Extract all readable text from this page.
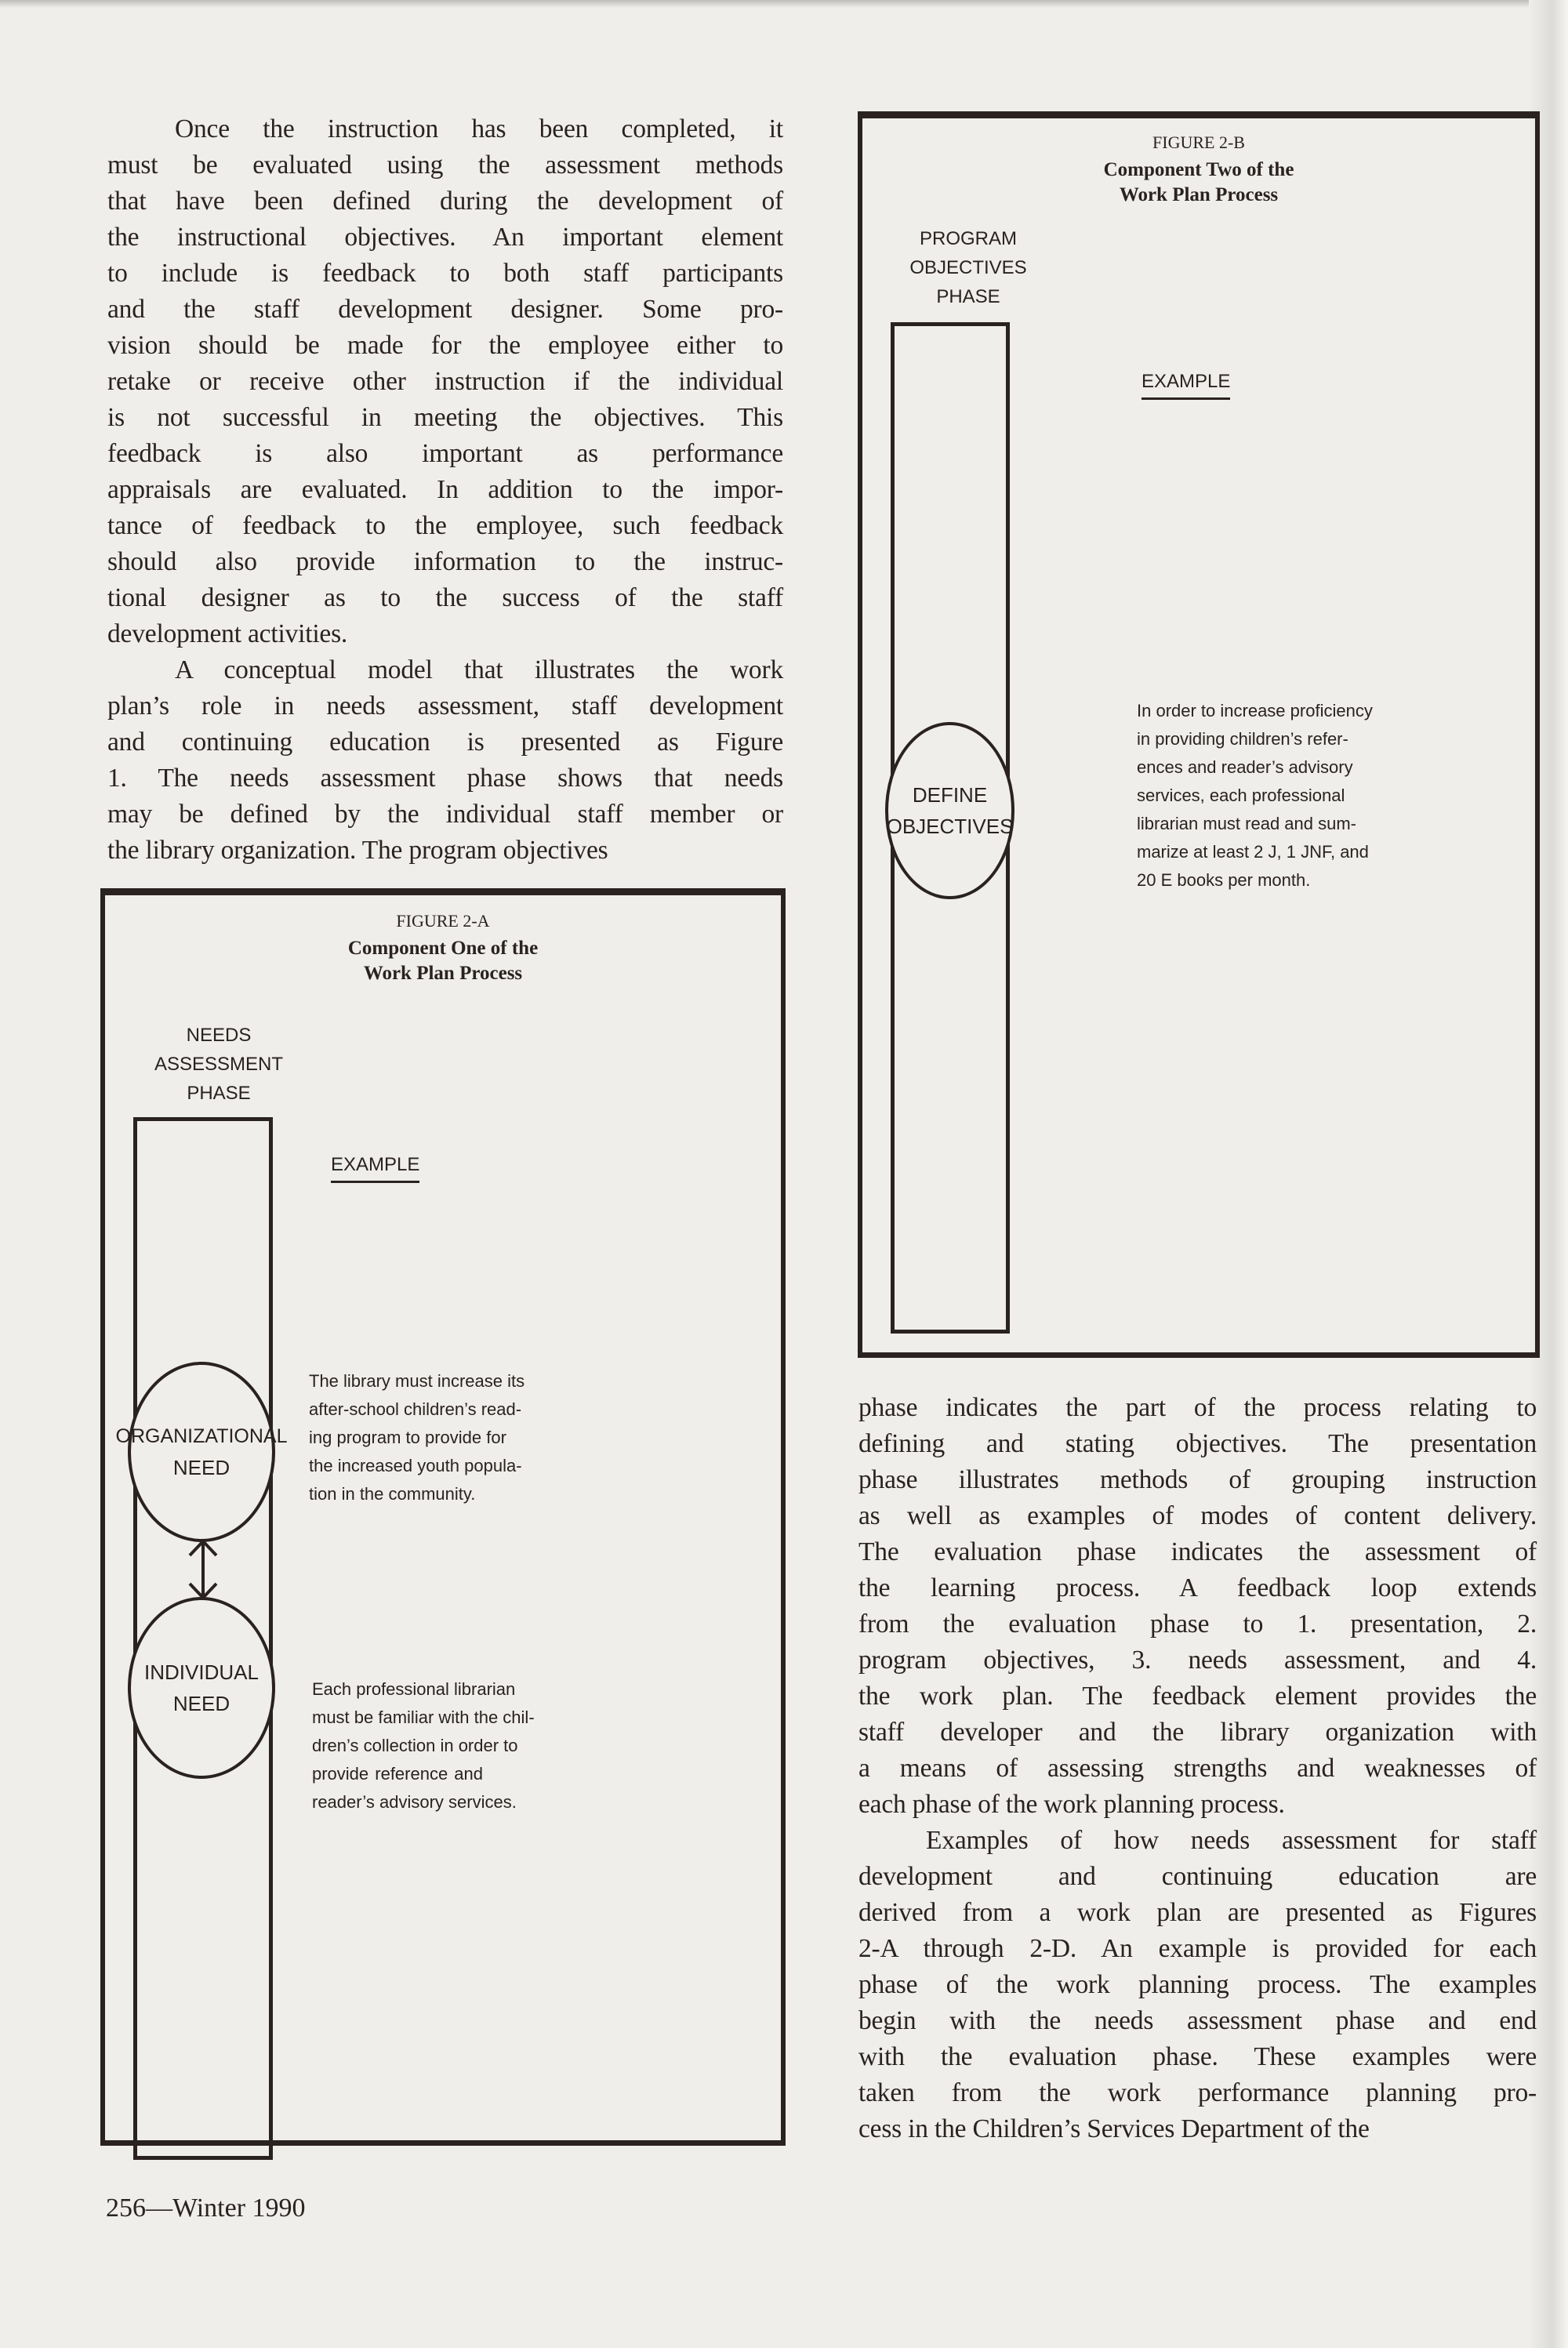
Once the instruction has been completed, it
must be evaluated using the assessment methods
that have been defined during the development of
the instructional objectives. An important element
to include is feedback to both staff participants
and the staff development designer. Some pro-
vision should be made for the employee either to
retake or receive other instruction if the individual
is not successful in meeting the objectives. This
feedback is also important as performance
appraisals are evaluated. In addition to the impor-
tance of feedback to the employee, such feedback
should also provide information to the instruc-
tional designer as to the success of the staff
development activities.

A conceptual model that illustrates the work
plan’s role in needs assessment, staff development
and continuing education is presented as Figure
1. The needs assessment phase shows that needs
may be defined by the individual staff member or
the library organization. The program objectives

FIGURE 2-A
Component One of the
Work Plan Process
NEEDS
ASSESSMENT
PHASE
EXAMPLE
ORGANIZATIONAL
NEED
INDIVIDUAL
NEED
The library must increase its
after-school children’s read-
ing program to provide for
the increased youth popula-
tion in the community.
Each professional librarian
must be familiar with the chil-
dren’s collection in order to
provide reference and
reader’s advisory services.
FIGURE 2-B
Component Two of the
Work Plan Process
PROGRAM
OBJECTIVES
PHASE
EXAMPLE
DEFINE
OBJECTIVES
In order to increase proficiency
in providing children’s refer-
ences and reader’s advisory
services, each professional
librarian must read and sum-
marize at least 2 J, 1 JNF, and
20 E books per month.

phase indicates the part of the process relating to
defining and stating objectives. The presentation
phase illustrates methods of grouping instruction
as well as examples of modes of content delivery.
The evaluation phase indicates the assessment of
the learning process. A feedback loop extends
from the evaluation phase to 1. presentation, 2.
program objectives, 3. needs assessment, and 4.
the work plan. The feedback element provides the
staff developer and the library organization with
a means of assessing strengths and weaknesses of
each phase of the work planning process.

Examples of how needs assessment for staff
development and continuing education are
derived from a work plan are presented as Figures
2-A through 2-D. An example is provided for each
phase of the work planning process. The examples
begin with the needs assessment phase and end
with the evaluation phase. These examples were
taken from the work performance planning pro-
cess in the Children’s Services Department of the

256—Winter 1990
